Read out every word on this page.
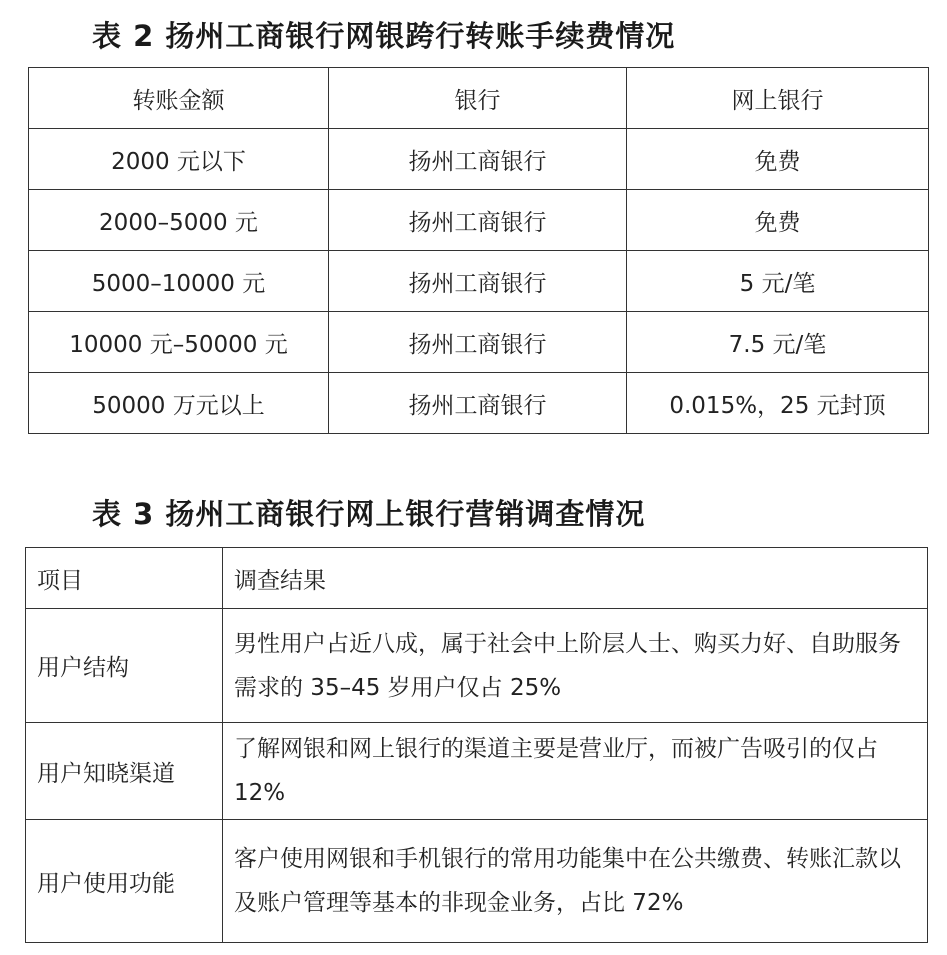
表 2 扬州工商银行网银跨行转账手续费情况
转账金额	银行	网上银行
2000 元以下	扬州工商银行	免费
2000–5000 元	扬州工商银行	免费
5000–10000 元	扬州工商银行	5 元/笔
10000 元–50000 元	扬州工商银行	7.5 元/笔
50000 万元以上	扬州工商银行	0.015%，25 元封顶
表 3 扬州工商银行网上银行营销调查情况
项目	调查结果
用户结构	男性用户占近八成，属于社会中上阶层人士、购买力好、自助服务需求的 35–45 岁用户仅占 25%
用户知晓渠道	了解网银和网上银行的渠道主要是营业厅，而被广告吸引的仅占 12%
用户使用功能	客户使用网银和手机银行的常用功能集中在公共缴费、转账汇款以及账户管理等基本的非现金业务，占比 72%
